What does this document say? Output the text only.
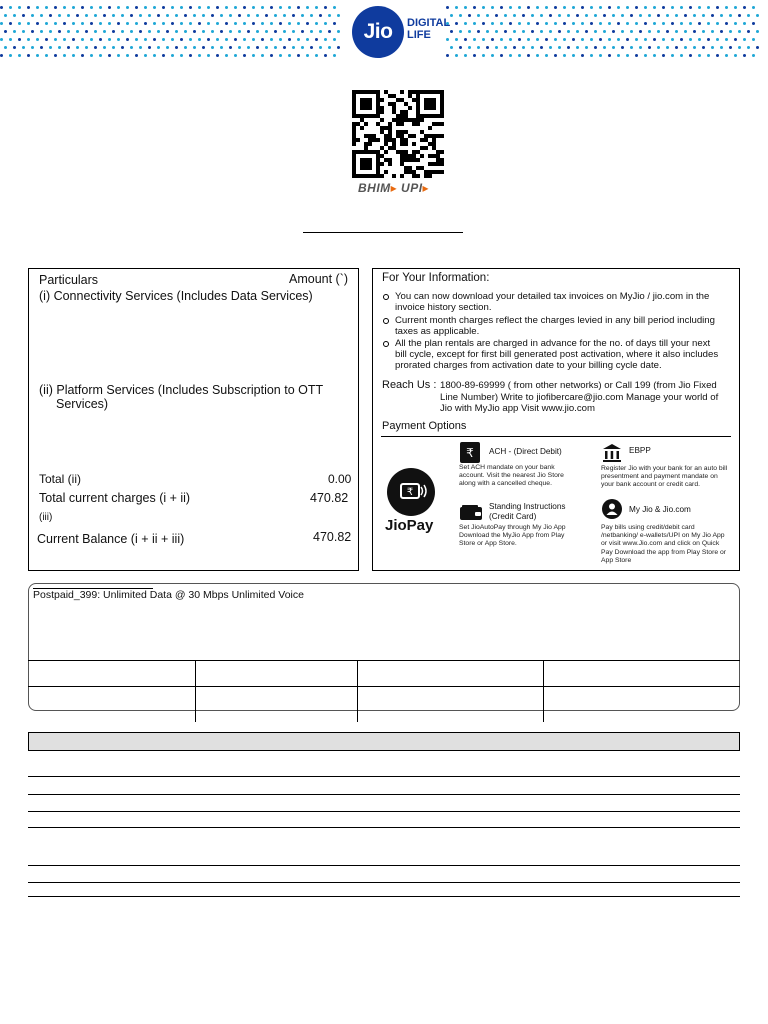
Jio DIGITAL
LIFE
BHIM▸ UPI▸
Particulars	Amount (`)
(i) Connectivity Services (Includes Data Services)
(ii) Platform Services (Includes Subscription to OTT
Services)
Total (ii)	0.00
Total current charges (i + ii)	470.82
(iii)
Current Balance (i + ii + iii)	470.82
For Your Information:
You can now download your detailed tax invoices on MyJio / jio.com in the
invoice history section.
Current month charges reflect the charges levied in any bill period including
taxes as applicable.
All the plan rentals are charged in advance for the no. of days till your next
bill cycle, except for first bill generated post activation, where it also includes
prorated charges from activation date to your billing cycle date.
Reach Us : 1800-89-69999 ( from other networks) or Call 199 (from Jio Fixed
Line Number) Write to jiofibercare@jio.com Manage your world of
Jio with MyJio app Visit www.jio.com
Payment Options
₹
JioPay
₹ ACH - (Direct Debit)
Set ACH mandate on your bank
account. Visit the nearest Jio Store
along with a cancelled cheque.
EBPP
Register Jio with your bank for an auto bill
presentment and payment mandate on
your bank account or credit card.
Standing Instructions
(Credit Card)
Set JioAutoPay through My Jio App
Download the MyJio App from Play
Store or App Store.
My Jio & Jio.com
Pay bills using credit/debit card
/netbanking/ e-wallets/UPI on My Jio App
or visit www.Jio.com and click on Quick
Pay Download the app from Play Store or
App Store
Postpaid_399: Unlimited Data @ 30 Mbps Unlimited Voice
